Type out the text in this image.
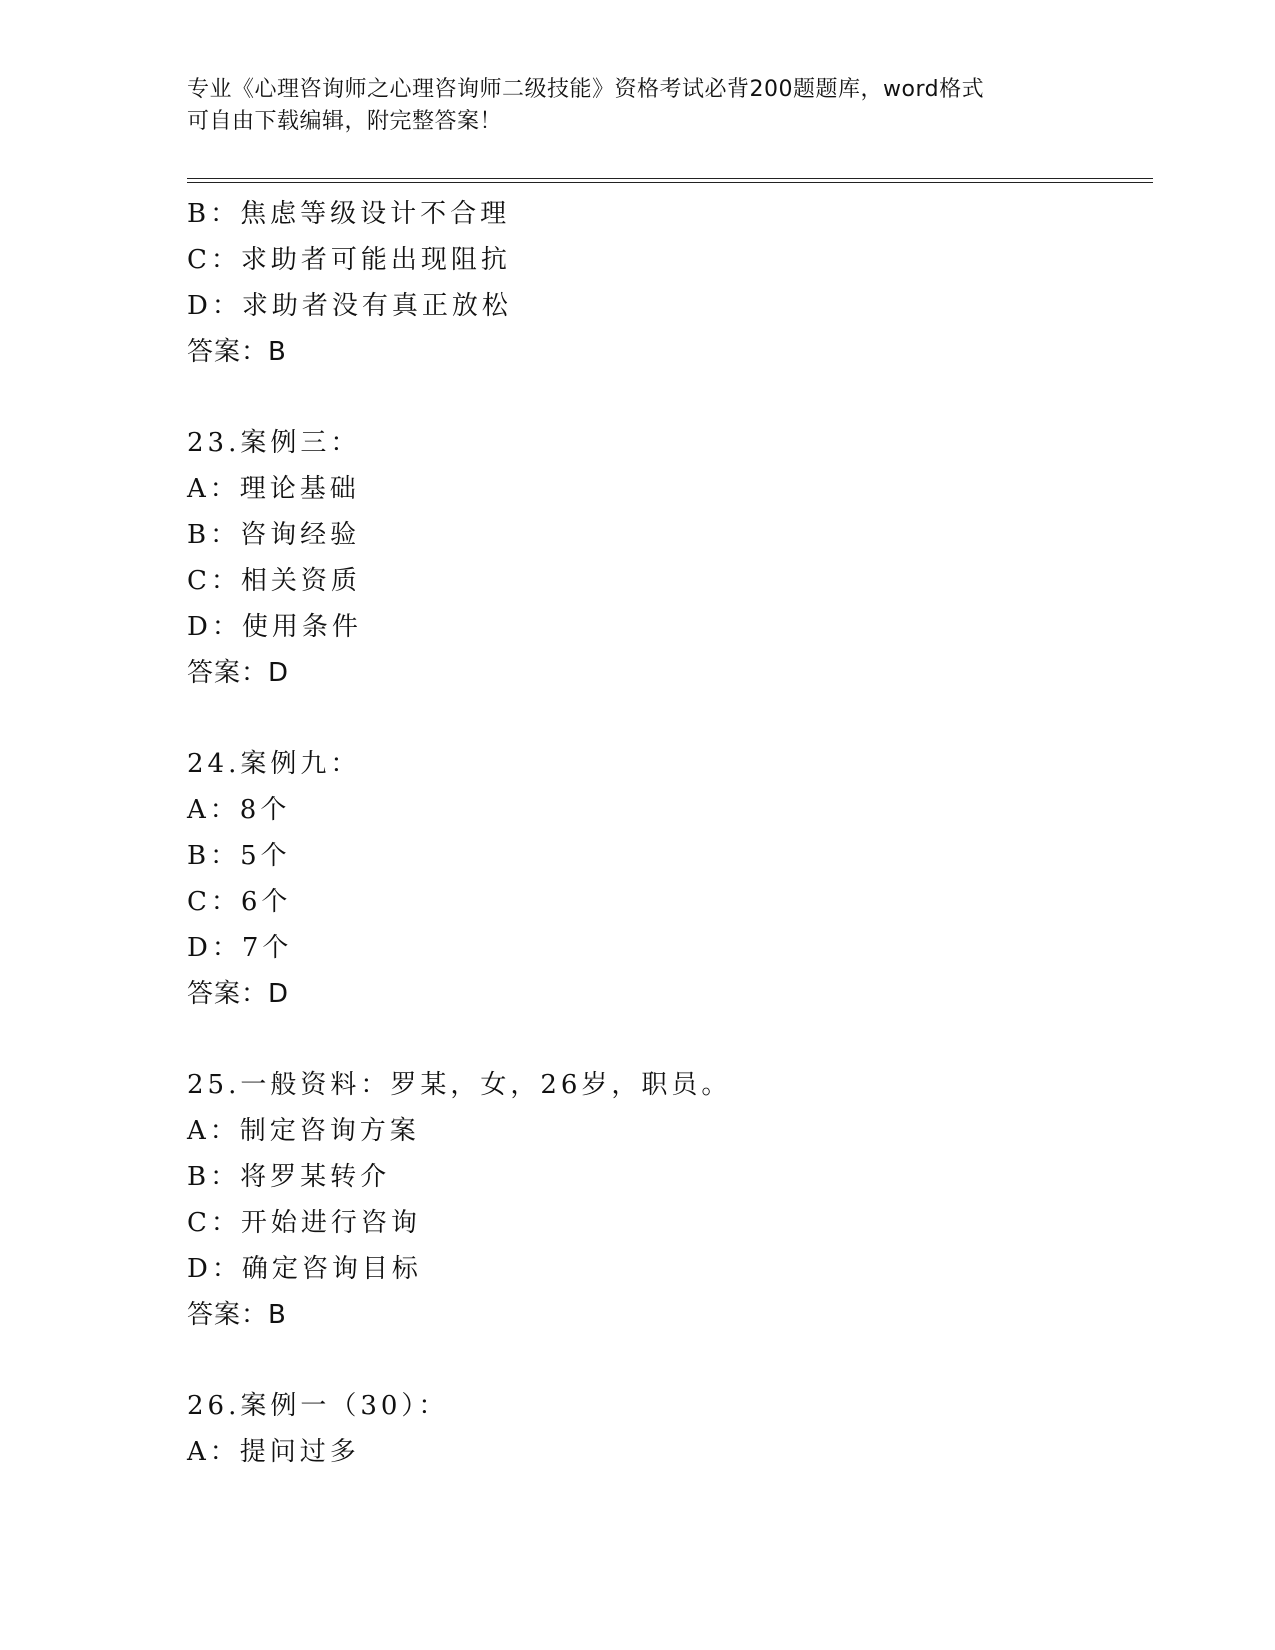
专业《心理咨询师之心理咨询师二级技能》资格考试必背200题题库，word格式
可自由下载编辑，附完整答案！
B：焦虑等级设计不合理
C：求助者可能出现阻抗
D：求助者没有真正放松
答案：B
23.案例三：
A：理论基础
B：咨询经验
C：相关资质
D：使用条件
答案：D
24.案例九：
A：8个
B：5个
C：6个
D：7个
答案：D
25.一般资料：罗某，女，26岁，职员。
A：制定咨询方案
B：将罗某转介
C：开始进行咨询
D：确定咨询目标
答案：B
26.案例一（30）：
A：提问过多
